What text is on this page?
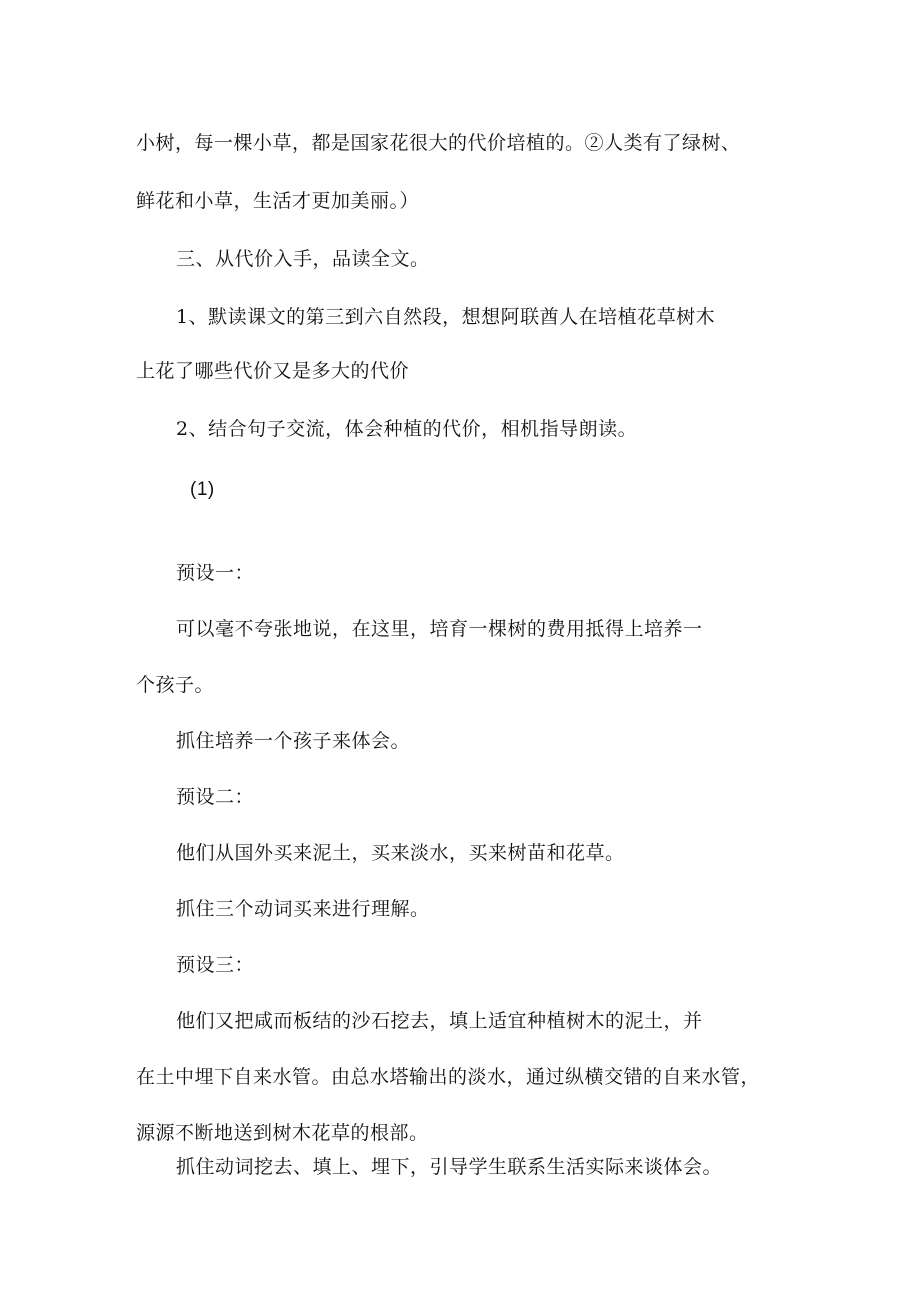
小树，每一棵小草，都是国家花很大的代价培植的。②人类有了绿树、
鲜花和小草，生活才更加美丽。）
三、从代价入手，品读全文。
1、默读课文的第三到六自然段，想想阿联酋人在培植花草树木
上花了哪些代价又是多大的代价
2、结合句子交流，体会种植的代价，相机指导朗读。
(1)
预设一：
可以毫不夸张地说，在这里，培育一棵树的费用抵得上培养一
个孩子。
抓住培养一个孩子来体会。
预设二：
他们从国外买来泥土，买来淡水，买来树苗和花草。
抓住三个动词买来进行理解。
预设三：
他们又把咸而板结的沙石挖去，填上适宜种植树木的泥土，并
在土中埋下自来水管。由总水塔输出的淡水，通过纵横交错的自来水管，
源源不断地送到树木花草的根部。
抓住动词挖去、填上、埋下，引导学生联系生活实际来谈体会。
